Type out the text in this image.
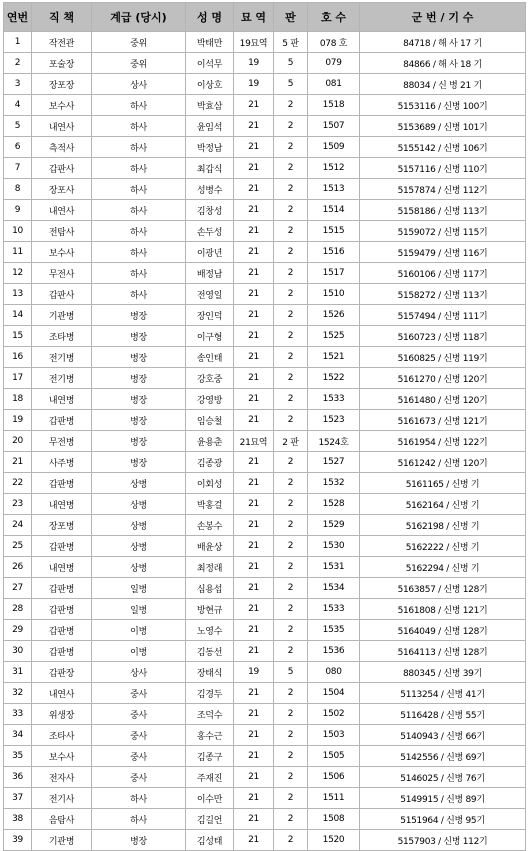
연번	직 책	계급 (당시)	성 명	묘 역	판	호 수	군 번 / 기 수
1	작전관	중위	박태만	19묘역	5 판	078 호	84718 / 해 사 17 기
2	포술장	중위	이석무	19	5	079	84866 / 해 사 18 기
3	장포장	상사	이상호	19	5	081	88034 / 신 병 21 기
4	보수사	하사	박효삼	21	2	1518	5153116 / 신병 100기
5	내연사	하사	윤임석	21	2	1507	5153689 / 신병 101기
6	측적사	하사	박정남	21	2	1509	5155142 / 신병 106기
7	갑판사	하사	최갑식	21	2	1512	5157116 / 신병 110기
8	장포사	하사	성병수	21	2	1513	5157874 / 신병 112기
9	내연사	하사	김창성	21	2	1514	5158186 / 신병 113기
10	전탐사	하사	손두성	21	2	1515	5159072 / 신병 115기
11	보수사	하사	이광년	21	2	1516	5159479 / 신병 116기
12	무전사	하사	배정남	21	2	1517	5160106 / 신병 117기
13	갑판사	하사	전영일	21	2	1510	5158272 / 신병 113기
14	기관병	병장	장인덕	21	2	1526	5157494 / 신병 111기
15	조타병	병장	이구형	21	2	1525	5160723 / 신병 118기
16	전기병	병장	송인태	21	2	1521	5160825 / 신병 119기
17	전기병	병장	강호중	21	2	1522	5161270 / 신병 120기
18	내연병	병장	강영방	21	2	1533	5161480 / 신병 120기
19	갑판병	병장	임승철	21	2	1523	5161673 / 신병 121기
20	무전병	병장	윤용춘	21묘역	2 판	1524호	5161954 / 신병 122기
21	사주병	병장	김종광	21	2	1527	5161242 / 신병 120기
22	갑판병	상병	이회성	21	2	1532	5161165 / 신병 기
23	내연병	상병	박홍걸	21	2	1528	5162164 / 신병 기
24	장포병	상병	손봉수	21	2	1529	5162198 / 신병 기
25	갑판병	상병	배윤상	21	2	1530	5162222 / 신병 기
26	내연병	상병	최정래	21	2	1531	5162294 / 신병 기
27	갑판병	일병	심용섭	21	2	1534	5163857 / 신병 128기
28	갑판병	일병	방현규	21	2	1533	5161808 / 신병 121기
29	갑판병	이병	노영수	21	2	1535	5164049 / 신병 128기
30	갑판병	이병	김동선	21	2	1536	5164113 / 신병 128기
31	갑판장	상사	장태식	19	5	080	880345 / 신병 39기
32	내연사	중사	김경두	21	2	1504	5113254 / 신병 41기
33	위생장	중사	조덕수	21	2	1502	5116428 / 신병 55기
34	조타사	중사	홍수근	21	2	1503	5140943 / 신병 66기
35	보수사	중사	김종구	21	2	1505	5142556 / 신병 69기
36	전자사	중사	주재진	21	2	1506	5146025 / 신병 76기
37	전기사	하사	이수만	21	2	1511	5149915 / 신병 89기
38	음탐사	하사	김길언	21	2	1508	5151964 / 신병 95기
39	기관병	병장	김성태	21	2	1520	5157903 / 신병 112기
